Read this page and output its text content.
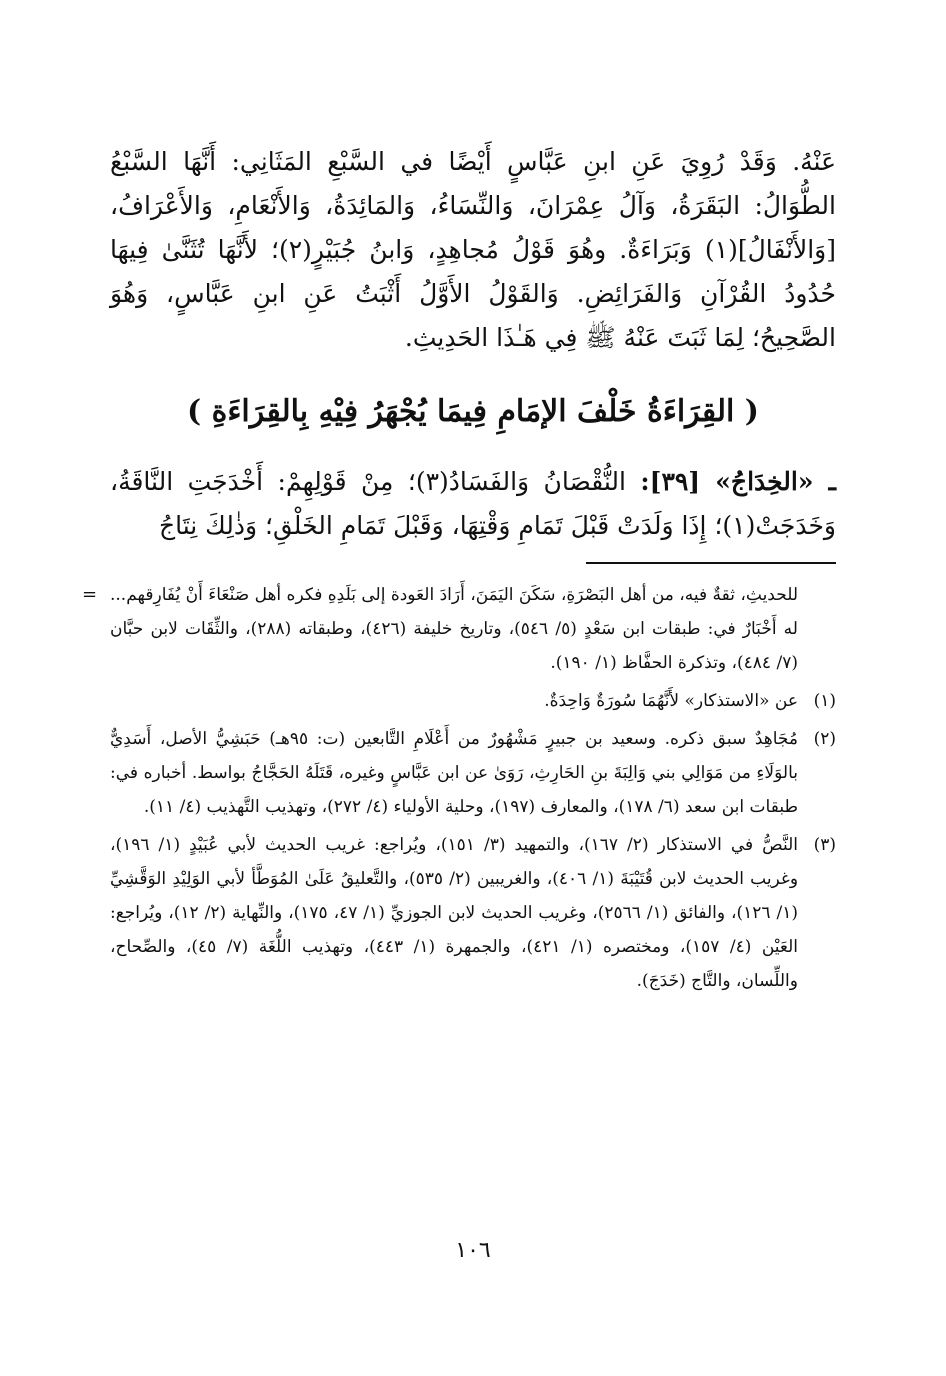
عَنْهُ. وَقَدْ رُوِيَ عَنِ ابنِ عَبَّاسٍ أَيْضًا في السَّبْعِ المَثَانِي: أَنَّهَا السَّبْعُ الطُّوَالُ: البَقَرَةُ، وَآلُ عِمْرَانَ، وَالنِّسَاءُ، وَالمَائِدَةُ، وَالأَنْعَامِ، وَالأَعْرَافُ، [وَالأَنْفَالُ](١) وَبَرَاءَةٌ. وهُوَ قَوْلُ مُجاهِدٍ، وَابنُ جُبَيْرٍ(٢)؛ لأَنَّهَا تُثَنَّىٰ فِيهَا حُدُودُ القُرْآنِ وَالفَرَائِضِ. وَالقَوْلُ الأَوَّلُ أَثْبَتُ عَنِ ابنِ عَبَّاسٍ، وَهُوَ الصَّحِيحُ؛ لِمَا ثَبَتَ عَنْهُ ﷺ فِي هَـٰذَا الحَدِيثِ.

( القِرَاءَةُ خَلْفَ الإمَامِ فِيمَا يُجْهَرُ فِيْهِ بِالقِرَاءَةِ )

ـ «الخِدَاجُ» [٣٩]: النُّقْصَانُ وَالفَسَادُ(٣)؛ مِنْ قَوْلِهِمْ: أَخْدَجَتِ النَّاقَةُ، وَخَدَجَتْ(١)؛ إِذَا وَلَدَتْ قَبْلَ تَمَامِ وَقْتِهَا، وَقَبْلَ تَمَامِ الخَلْقِ؛ وَذٰلِكَ نِتَاجُ

= للحديثِ، ثقةٌ فيه، من أهل البَصْرَةِ، سَكَنَ اليَمَنَ، أَرَادَ العَودة إلى بَلَدِهِ فكره أهل صَنْعَاءَ أَنْ يُفَارِقهم... له أَخْبَارٌ في: طبقات ابن سَعْدٍ (٥/ ٥٤٦)، وتاريخ خليفة (٤٢٦)، وطبقاته (٢٨٨)، والثِّقَات لابن حبَّان (٧/ ٤٨٤)، وتذكرة الحفَّاظ (١/ ١٩٠).
(١)
عن «الاستذكار» لأَنَّهُمَا سُورَةٌ وَاحِدَةٌ.
(٢)
مُجَاهِدٌ سبق ذكره. وسعيد بن جبيرٍ مَشْهُورٌ من أَعْلَامِ التَّابعين (ت: ٩٥هـ) حَبَشِيُّ الأصل، أَسَدِيٌّ بالوَلَاءِ من مَوَالِي بني وَالِبَةَ بنِ الحَارِثِ، رَوَىٰ عن ابن عَبَّاسٍ وغيره، قَتَلَهُ الحَجَّاجُ بواسط. أخباره في: طبقات ابن سعد (٦/ ١٧٨)، والمعارف (١٩٧)، وحلية الأولياء (٤/ ٢٧٢)، وتهذيب التَّهذيب (٤/ ١١).
(٣)
النَّصُّ في الاستذكار (٢/ ١٦٧)، والتمهيد (٣/ ١٥١)، ويُراجع: غريب الحديث لأبي عُبَيْدٍ (١/ ١٩٦)، وغريب الحديث لابن قُتَيْبَةَ (١/ ٤٠٦)، والغريبين (٢/ ٥٣٥)، والتَّعليقُ عَلَىٰ المُوَطَّأ لأبي الوَلِيْدِ الوَقَّشِيِّ (١/ ١٢٦)، والفائق (١/ ٢٥٦٦)، وغريب الحديث لابن الجوزيِّ (١/ ٤٧، ١٧٥)، والنِّهاية (٢/ ١٢)، ويُراجع: العَيْن (٤/ ١٥٧)، ومختصره (١/ ٤٢١)، والجمهرة (١/ ٤٤٣)، وتهذيب اللُّغَة (٧/ ٤٥)، والصِّحاح، واللِّسان، والتَّاج (خَدَجَ).
١٠٦
